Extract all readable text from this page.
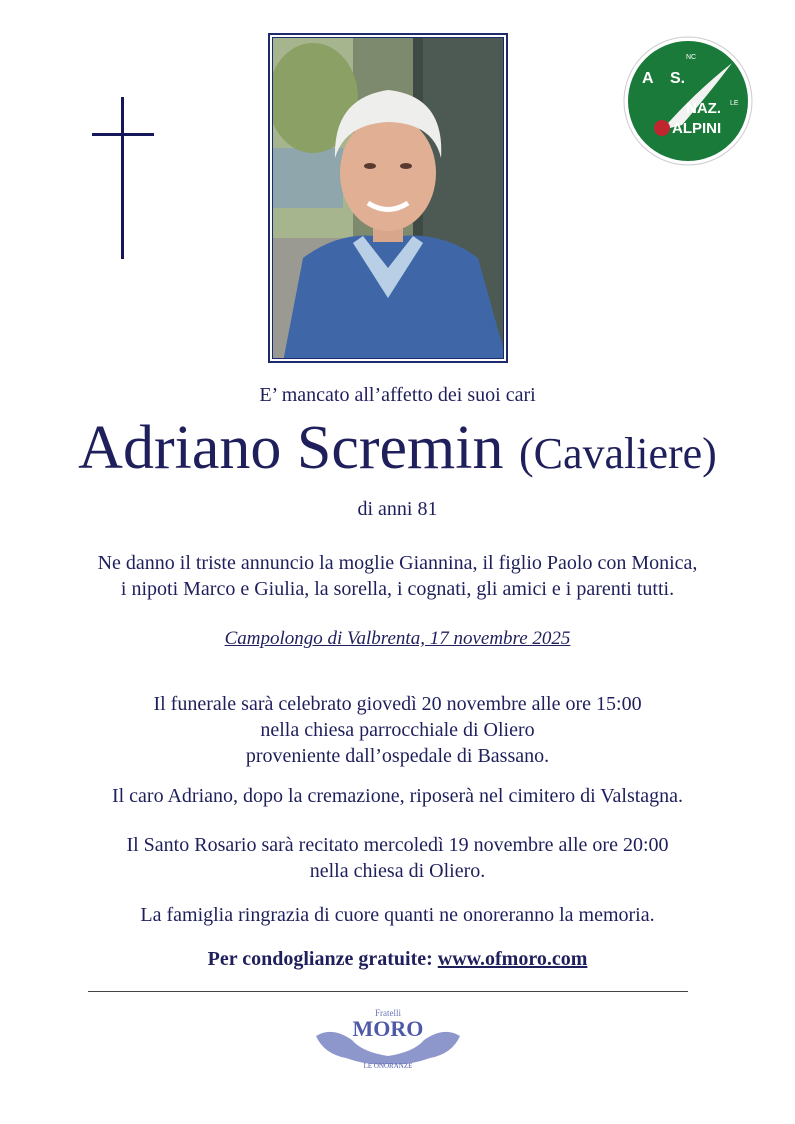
A S.
NC
NAZ. LE
ALPINI
E’ mancato all’affetto dei suoi cari
Adriano Scremin (Cavaliere)
di anni 81
Ne danno il triste annuncio la moglie Giannina, il figlio Paolo con Monica,
i nipoti Marco e Giulia, la sorella, i cognati, gli amici e i parenti tutti.
Campolongo di Valbrenta, 17 novembre 2025
Il funerale sarà celebrato giovedì 20 novembre alle ore 15:00
nella chiesa parrocchiale di Oliero
proveniente dall’ospedale di Bassano.
Il caro Adriano, dopo la cremazione, riposerà nel cimitero di Valstagna.
Il Santo Rosario sarà recitato mercoledì 19 novembre alle ore 20:00
nella chiesa di Oliero.
La famiglia ringrazia di cuore quanti ne onoreranno la memoria.
Per condoglianze gratuite: www.ofmoro.com
Fratelli
MORO
LE ONORANZE
